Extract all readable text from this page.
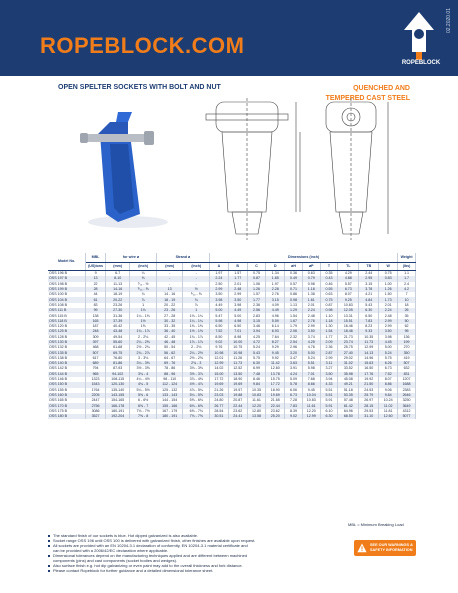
ROPEBLOCK.COM
ROPEBLOCK
02.2020.01
OPEN SPELTER SOCKETS WITH BOLT AND NUT	QUENCHED AND
TEMPERED CAST STEEL
Model No.	MBL	for wire ø		Strand ø		Dimensions (inch)										Weight
	(US)tons	(mm)	(inch)	(mm)	(inch)	A	B	C	D	øH	øP	T	TL	TB	W	(lbs)
OSS 196 B	9	6-7	¼	-	-	1.97	1.57	0.75	1.34	0.36	0.63	0.35	4.29	2.44	0.75	1.1
OSS 197 B	13	8-10	⅜	-	-	2.24	1.77	0.87	1.65	0.49	0.79	0.43	4.88	2.95	0.83	1.7
OSS 198 B	22	11-13	⁷⁄₁₆ - ½	-	-	2.50	2.01	1.06	1.97	0.57	0.98	0.46	5.57	3.15	1.00	2.4
OSS 199 B	28	14-16	⁹⁄₁₆ - ⅝	13	½	2.99	2.48	1.26	2.28	0.71	1.18	0.55	6.73	3.78	1.26	4.2
OSS 100 B	44	18-19	¾	14 - 16	⁹⁄₁₆ - ⅝	3.50	2.99	1.57	2.76	0.86	1.38	0.63	8.07	4.21	1.50	7
OSS 104 B	61	20-22	⅞	18 - 19	¾	3.98	3.50	1.77	3.15	0.98	1.61	0.75	9.25	4.84	1.73	10
OSS 108 B	83	23-26	1	20 - 22	⅞	4.49	3.98	2.36	4.09	1.13	2.01	0.87	10.83	5.43	2.01	18
OSS 111 B	99	27-30	1⅛	23 - 26	1	5.00	4.49	2.56	4.49	1.29	2.24	0.98	12.05	6.30	2.24	26
OSS 115 B	138	31-36	1¼ - 1⅜	27 - 28	1⅛ - 1¼	5.47	5.00	2.83	4.96	1.54	2.48	1.10	13.31	6.50	2.48	35
OSS 118 B	165	37-39	1½	30 - 32	1¼ - 1¼	5.98	4.98	3.15	5.59	1.67	2.76	1.18	15.51	7.83	2.99	50
OSS 120 B	187	40-42	1⅝	33 - 35	1⅜ - 1⅜	6.50	6.50	3.46	6.14	1.79	2.99	1.30	16.46	8.23	2.99	62
OSS 125 B	248	43-48	1¾ - 1⅞	36 - 40	1½ - 1⅝	7.52	7.01	3.94	6.93	2.06	3.50	1.54	18.46	9.33	3.50	95
OSS 128 B	309	49-54	2 - 2⅛	42 - 45	1¾ - 1⅞	8.50	8.98	4.25	7.64	2.32	3.74	1.77	21.73	10.35	3.98	136
OSS 130 B	397	55-60	2¼ - 2⅜	46 - 48	1⅞ - 1⅞	9.02	10.00	4.72	8.27	2.54	4.25	2.09	23.74	11.73	4.45	199
OSS 132 B	468	61-68	2½ - 2¾	50 - 54	2 - 2⅛	9.76	10.75	5.24	9.29	2.96	4.76	2.36	25.75	12.99	5.00	270
OSS 135 B	507	69-75	2¾ - 2⅞	56 - 62	2¼ - 2½	10.98	10.98	5.43	9.45	3.20	5.00	2.87	27.40	14.13	5.24	350
OSS 138 B	617	76-80	3 - 3⅛	64 - 67	2½ - 2⅝	12.01	11.26	5.75	9.92	3.47	5.24	2.99	29.02	14.96	5.75	419
OSS 140 B	689	81-86	3¼ - 3⅜	69 - 76	2¾ - 3	12.99	11.73	6.30	11.42	3.63	5.51	3.11	31.02	15.63	6.26	507
OSS 142 B	794	87-93	3½ - 3⅝	78 - 86	3⅛ - 3⅜	14.02	12.52	6.99	12.60	3.91	5.98	3.27	33.52	16.50	6.73	632
OSS 144 B	965	94-102	3¾ - 4	88 - 96	3½ - 3⅞	15.00	13.50	7.48	13.78	4.24	7.01	3.50	35.98	17.76	7.52	831
OSS 146 B	1323	108-115	4¼ - 4½	98 - 110	3⅞ - 4⅜	17.72	18.90	8.46	15.75	5.09	7.68	3.94	45.08	19.92	8.07	1207
OSS 150 B	1543	120-130	4¾ - 5	112 - 124	4½ - 4⅞	19.69	19.69	9.84	17.72	5.78	8.66	4.33	49.21	21.50	8.86	1688
OSS 155 B	1764	135-140	5¼ - 5½	125 - 132	4⅞ - 5¼	21.26	19.57	10.35	18.90	6.06	9.45	5.51	51.18	24.53	9.06	2383
OSS 160 B	2205	143-155	5⅝ - 6	133 - 143	5¼ - 5⅝	23.03	19.88	10.83	19.69	6.73	10.04	5.51	53.35	25.79	9.84	2646
OSS 165 B	2447	154-165	6 - 6½	144 - 154	5⅝ - 6⅛	24.80	20.87	11.61	21.65	7.28	10.83	5.91	57.48	26.97	10.24	3250
OSS 170 B	2756	166-178	6⅝ - 7	155 - 166	6⅛ - 6⅝	26.77	22.44	12.20	22.44	7.83	11.61	5.91	61.42	28.15	11.02	3649
OSS 175 B	3086	180-191	7⅛ - 7½	167 - 179	6⅝ - 7⅛	28.54	23.62	12.80	23.62	8.39	12.20	6.10	64.96	29.53	11.81	4312
OSS 180 B	3527	192-204	7⅝ - 8	180 - 191	7⅛ - 7⅝	30.51	24.41	13.58	25.20	9.02	12.99	6.30	68.50	31.10	12.60	5077
MBL = Minimum Breaking Load

The standard finish of our sockets is blue. Hot dipped galvanized is also available.

Socket range OSS 196 until OSS 100 is delivered with galvanized finish, other finishes are available upon request.

All sockets are provided with an EN 10204-3.1 declaration of conformity, EN 10204-3.1 material certificate and

can be provided with a 2006/42/EC declaration where applicable.

Dimensional tolerances depend on the manufacturing techniques applied and are different between machined

components (pins) and cast components (socket bodies and wedges).

Also surface finish e.g. hot dip galvanizing or even paint may add to the overall thickness and fork distance.

Please contact Ropeblock for further guidance and a detailed dimensional tolerance sheet.

SEE OUR WARNINGS &
SAFETY INFORMATION
